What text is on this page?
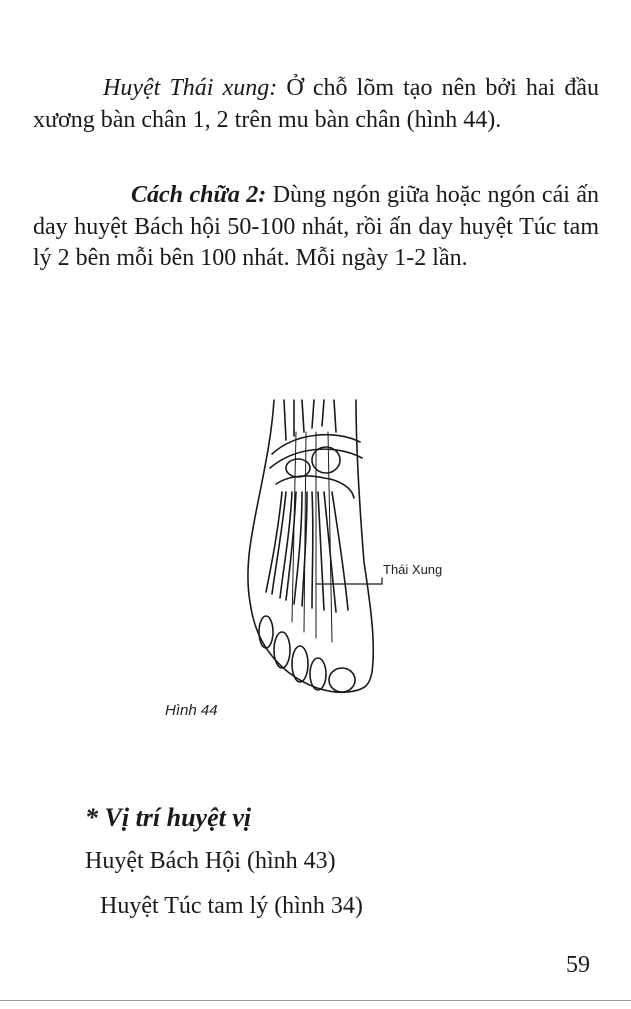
Huyệt Thái xung: Ở chỗ lõm tạo nên bởi hai đầu xương bàn chân 1, 2 trên mu bàn chân (hình 44).

Cách chữa 2: Dùng ngón giữa hoặc ngón cái ấn day huyệt Bách hội 50-100 nhát, rồi ấn day huyệt Túc tam lý 2 bên mỗi bên 100 nhát. Mỗi ngày 1-2 lần.

Thái Xung
Hình 44
* Vị trí huyệt vị
Huyệt Bách Hội (hình 43)
Huyệt Túc tam lý (hình 34)
59
